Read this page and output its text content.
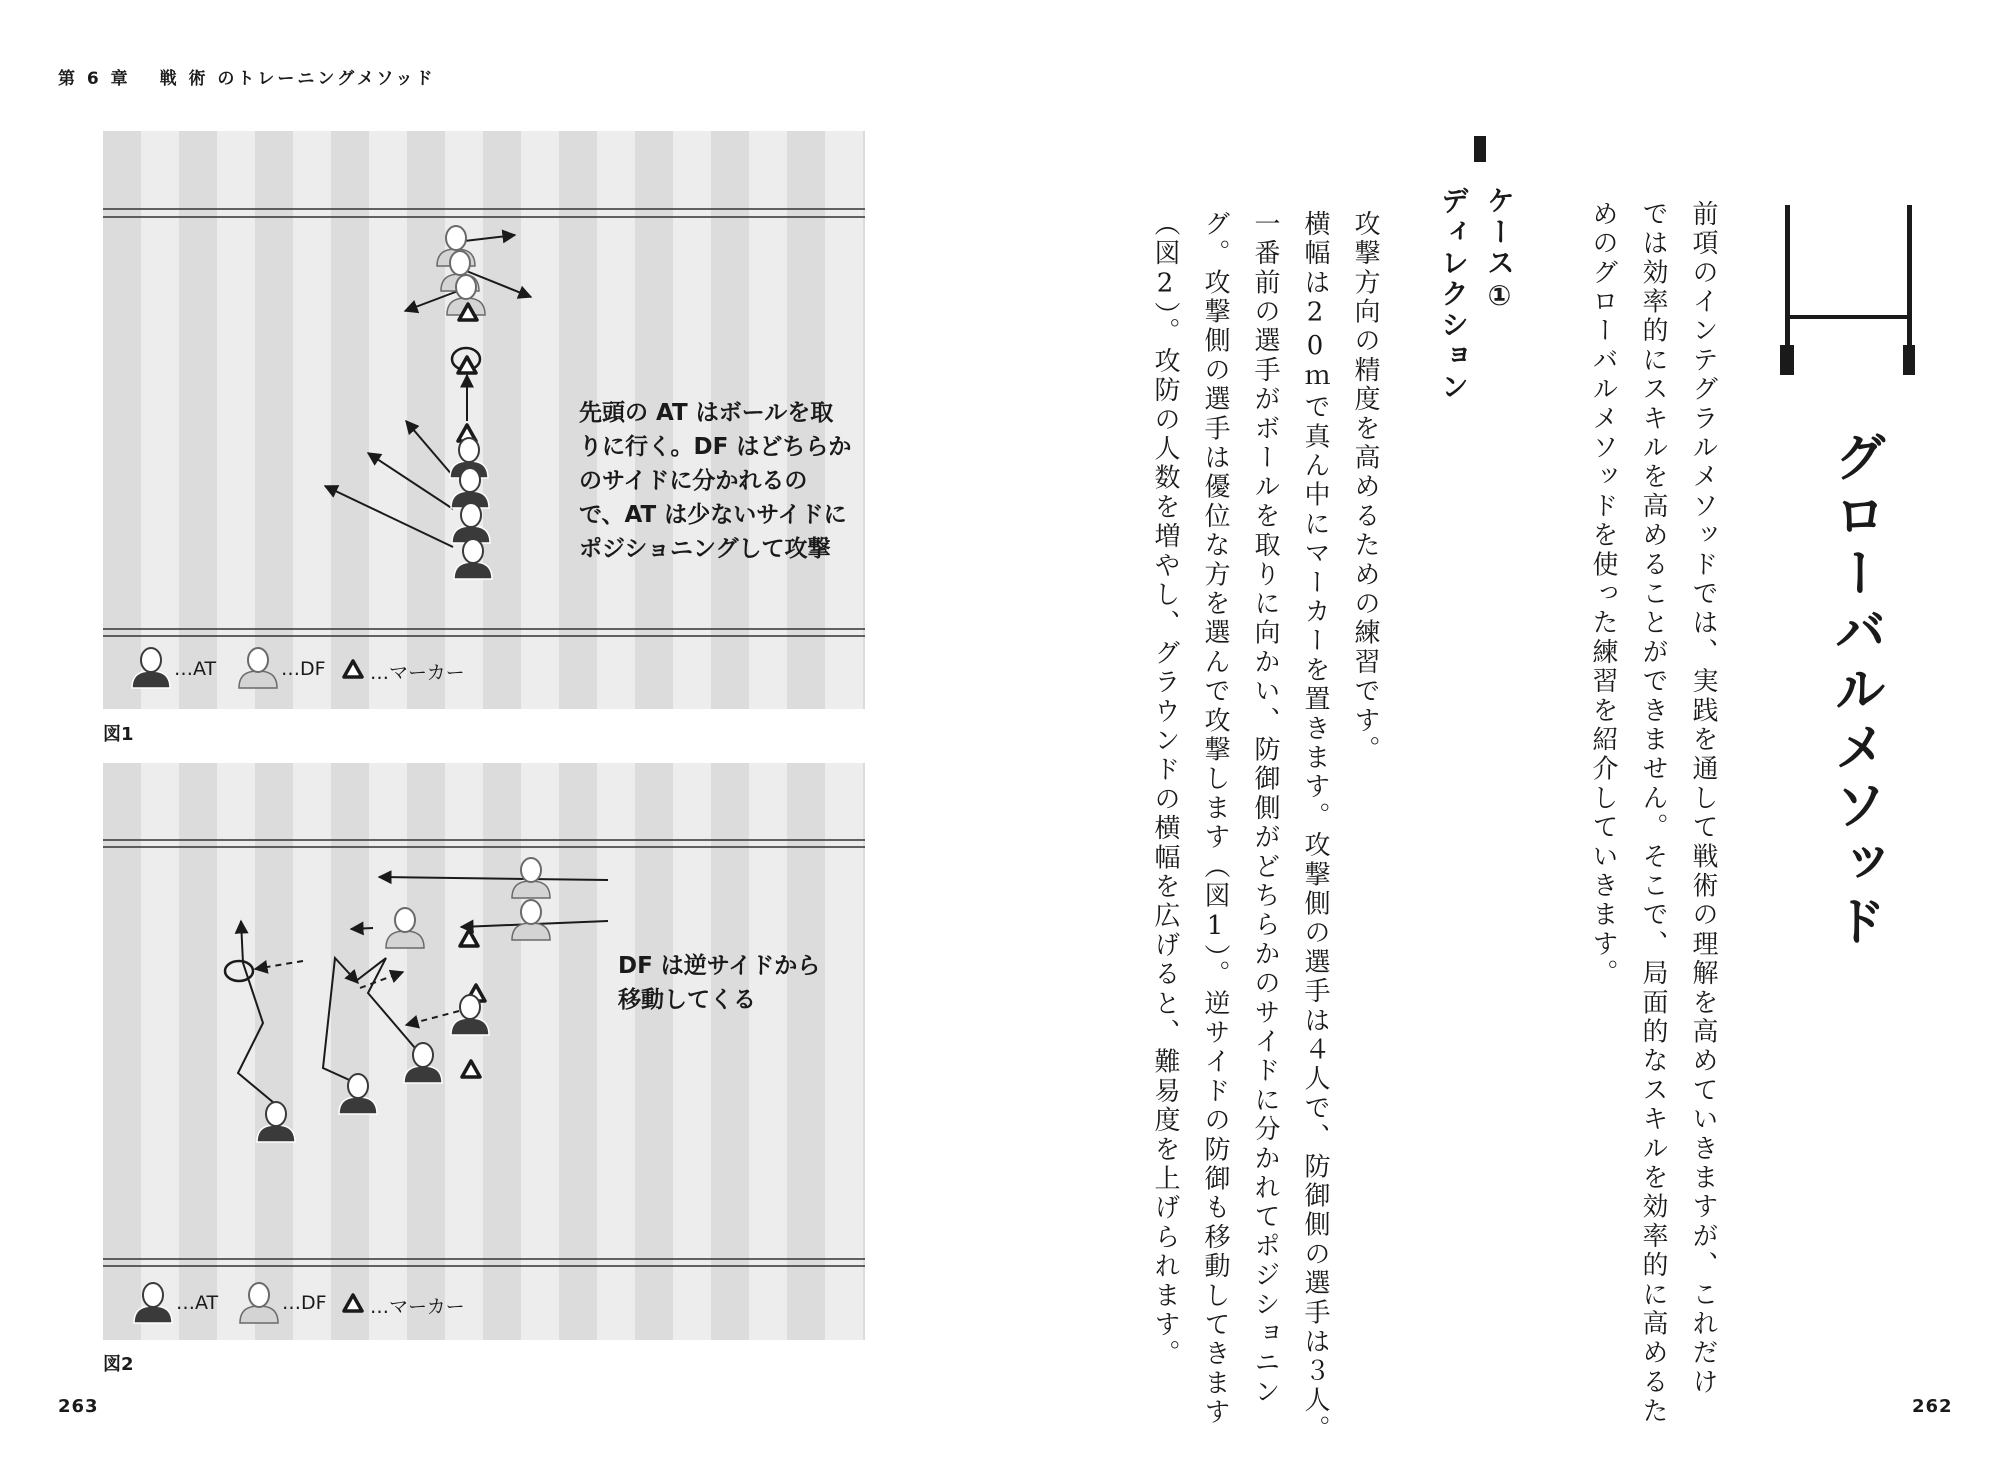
第 6 章　 戦 術 のトレーニングメソッド
先頭の AT はボールを取
りに行く。DF はどちらか
のサイドに分かれるの
で、AT は少ないサイドに
ポジショニングして攻撃
…AT	…DF …マーカー
図1
DF は逆サイドから
移動してくる
…AT	…DF …マーカー
図2
263	262
グローバルメソッド
前項のインテグラルメソッドでは、実践を通して戦術の理解を高めていきますが、これだけ
では効率的にスキルを高めることができません。そこで、局面的なスキルを効率的に高めるた
めのグローバルメソッドを使った練習を紹介していきます。
ケース①
ディレクション
攻撃方向の精度を高めるための練習です。
横幅は20ｍで真ん中にマーカーを置きます。攻撃側の選手は４人で、防御側の選手は３人。
一番前の選手がボールを取りに向かい、防御側がどちらかのサイドに分かれてポジショニン
グ。攻撃側の選手は優位な方を選んで攻撃します（図1）。逆サイドの防御も移動してきます
（図2）。攻防の人数を増やし、グラウンドの横幅を広げると、難易度を上げられます。
